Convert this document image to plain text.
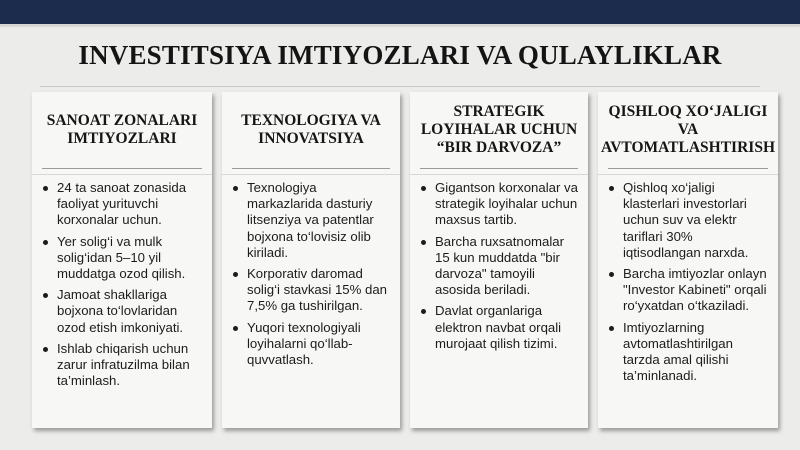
INVESTITSIYA IMTIYOZLARI VA QULAYLIKLAR
SANOAT ZONALARI
IMTIYOZLARI
24 ta sanoat zonasida faoliyat yurituvchi korxonalar uchun.
Yer solig‘i va mulk solig‘idan 5–10 yil muddatga ozod qilish.
Jamoat shakllariga bojxona to‘lovlaridan ozod etish imkoniyati.
Ishlab chiqarish uchun zarur infratuzilma bilan ta’minlash.
TEXNOLOGIYA VA
INNOVATSIYA
Texnologiya markazlarida dasturiy litsenziya va patentlar bojxona to‘lovisiz olib kiriladi.
Korporativ daromad solig‘i stavkasi 15% dan 7,5% ga tushirilgan.
Yuqori texnologiyali loyihalarni qo‘llab-quvvatlash.
STRATEGIK
LOYIHALAR UCHUN
“BIR DARVOZA”
Gigantson korxonalar va strategik loyihalar uchun maxsus tartib.
Barcha ruxsatnomalar 15 kun muddatda "bir darvoza" tamoyili asosida beriladi.
Davlat organlariga elektron navbat orqali murojaat qilish tizimi.
QISHLOQ XO‘JALIGI
VA
AVTOMATLASHTIRISH
Qishloq xo‘jaligi klasterlari investorlari uchun suv va elektr tariflari 30% iqtisodlangan narxda.
Barcha imtiyozlar onlayn "Investor Kabineti" orqali ro‘yxatdan o‘tkaziladi.
Imtiyozlarning avtomatlashtirilgan tarzda amal qilishi ta’minlanadi.
